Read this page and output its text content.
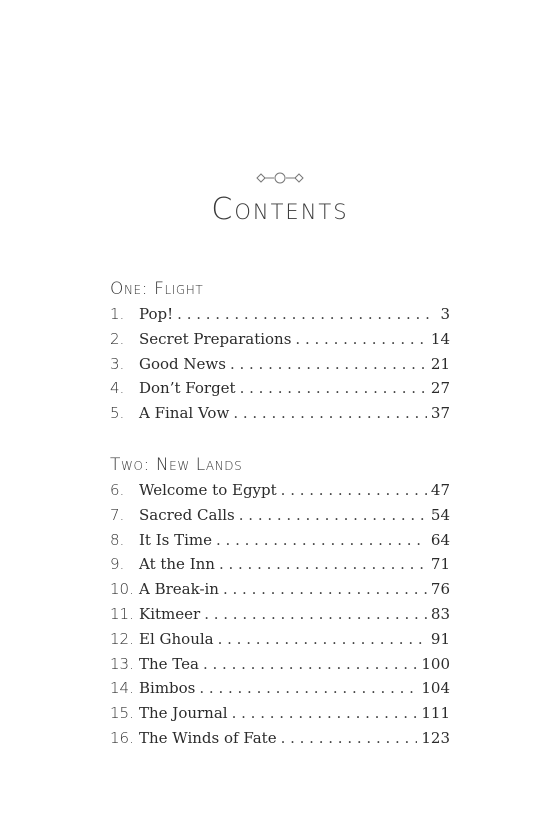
Contents
One: Flight
1. Pop! . . .	3
2. Secret Preparations . . .	14
3. Good News . . .	21
4. Don’t Forget . . .	27
5. A Final Vow . . .	37
Two: New Lands
6. Welcome to Egypt . . .	47
7. Sacred Calls . . .	54
8. It Is Time . . .	64
9. At the Inn . . .	71
10. A Break-in . . .	76
11. Kitmeer . . .	83
12. El Ghoula . . .	91
13. The Tea . . .	100
14. Bimbos . . .	104
15. The Journal . . .	111
16. The Winds of Fate . . .	123
